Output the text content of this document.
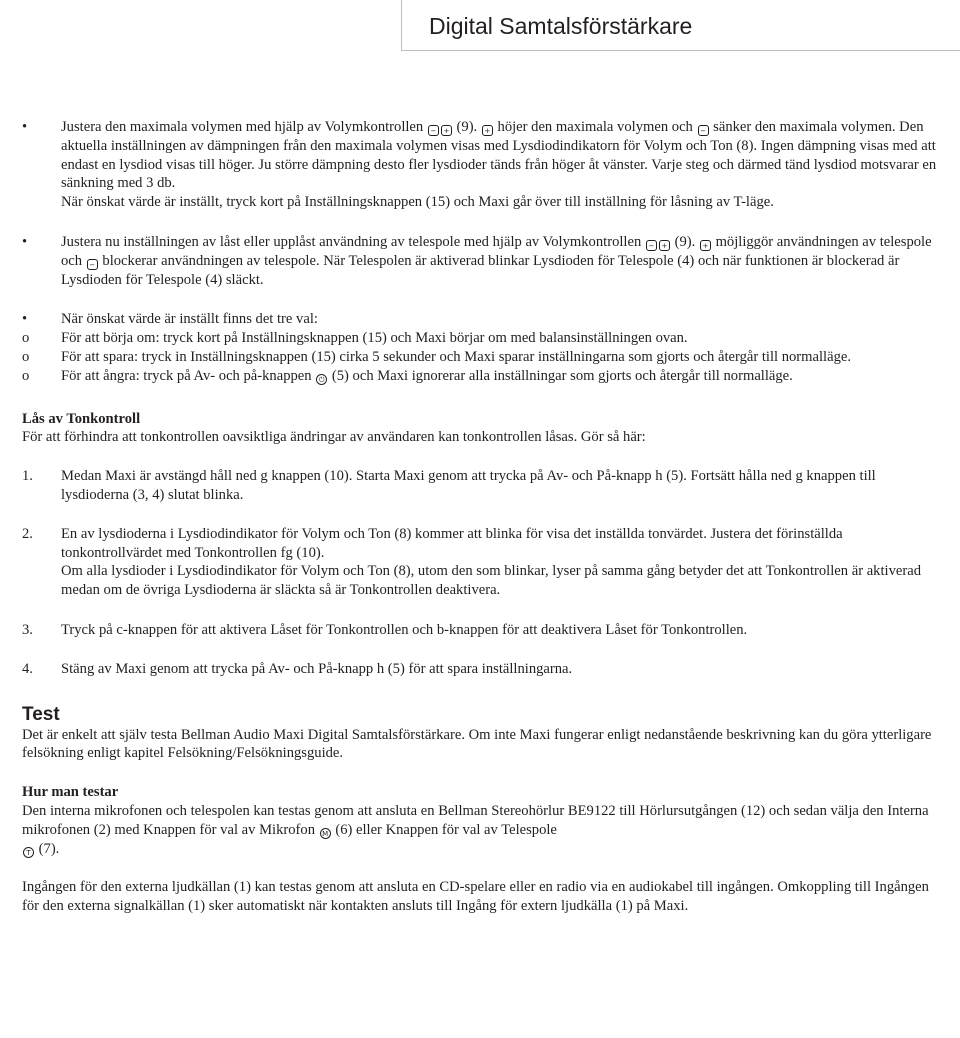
Digital Samtalsförstärkare
•	Justera den maximala volymen med hjälp av Volymkontrollen − + (9). + höjer den maximala volymen och − sänker den maximala volymen. Den aktuella inställningen av dämpningen från den maximala volymen visas med Lysdiodindikatorn för Volym och Ton (8). Ingen dämpning visas med att endast en lysdiod visas till höger. Ju större dämpning desto fler lysdioder tänds från höger åt vänster. Varje steg och därmed tänd lysdiod motsvarar en sänkning med 3 db.

När önskat värde är inställt, tryck kort på Inställningsknappen (15) och Maxi går över till inställning för låsning av T-läge.

•	Justera nu inställningen av låst eller upplåst användning av telespole med hjälp av Volymkontrollen − + (9). + möjliggör användningen av telespole och − blockerar användningen av telespole. När Telespolen är aktiverad blinkar Lysdioden för Telespole (4) och när funktionen är blockerad är Lysdioden för Telespole (4) släckt.

•	När önskat värde är inställt finns det tre val:

o För att börja om: tryck kort på Inställningsknappen (15) och Maxi börjar om med balansinställningen ovan.
o För att spara: tryck in Inställningsknappen (15) cirka 5 sekunder och Maxi sparar inställningarna som gjorts och återgår till normalläge.
o För att ångra: tryck på Av- och på-knappen ⏻ (5) och Maxi ignorerar alla inställningar som gjorts och återgår till normalläge.

Lås av Tonkontroll

För att förhindra att tonkontrollen oavsiktliga ändringar av användaren kan tonkontrollen låsas. Gör så här:

1. Medan Maxi är avstängd håll ned g knappen (10). Starta Maxi genom att trycka på Av- och På-knapp h (5). Fortsätt hålla ned g knappen till lysdioderna (3, 4) slutat blinka.

2. En av lysdioderna i Lysdiodindikator för Volym och Ton (8) kommer att blinka för visa det inställda tonvärdet. Justera det förinställda tonkontrollvärdet med Tonkontrollen fg (10).

Om alla lysdioder i Lysdiodindikator för Volym och Ton (8), utom den som blinkar, lyser på samma gång betyder det att Tonkontrollen är aktiverad medan om de övriga Lysdioderna är släckta så är Tonkontrollen deaktivera.

3. Tryck på c-knappen för att aktivera Låset för Tonkontrollen och b-knappen för att deaktivera Låset för Tonkontrollen.

4. Stäng av Maxi genom att trycka på Av- och På-knapp h (5) för att spara inställningarna.

Test

Det är enkelt att själv testa Bellman Audio Maxi Digital Samtalsförstärkare. Om inte Maxi fungerar enligt nedanstående beskrivning kan du göra ytterligare felsökning enligt kapitel Felsökning/Felsökningsguide.

Hur man testar

Den interna mikrofonen och telespolen kan testas genom att ansluta en Bellman Stereohörlur BE9122 till Hörlursutgången (12) och sedan välja den Interna mikrofonen (2) med Knappen för val av Mikrofon M (6) eller Knappen för val av Telespole
T (7).

Ingången för den externa ljudkällan (1) kan testas genom att ansluta en CD-spelare eller en radio via en audiokabel till ingången. Omkoppling till Ingången för den externa signalkällan (1) sker automatiskt när kontakten ansluts till Ingång för extern ljudkälla (1) på Maxi.
